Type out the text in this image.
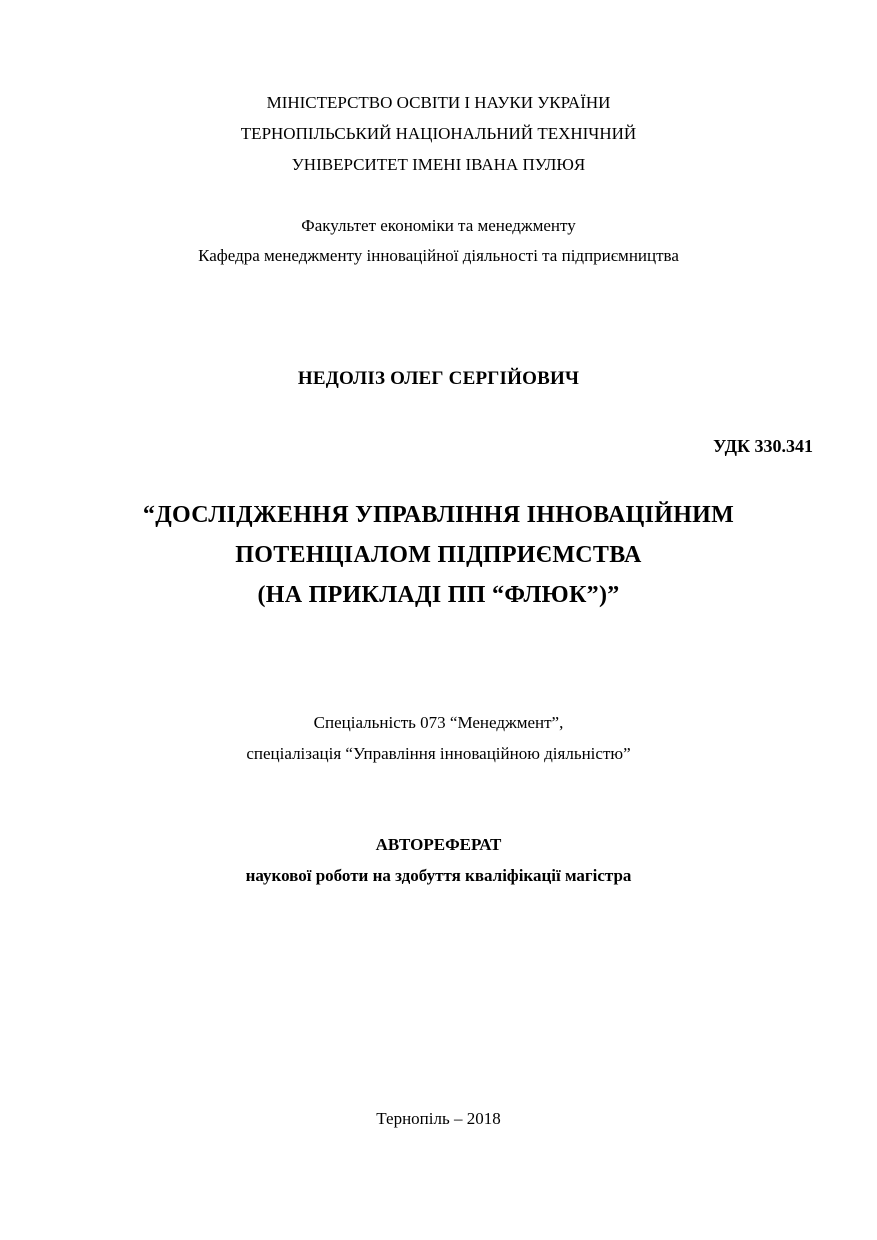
МІНІСТЕРСТВО ОСВІТИ І НАУКИ УКРАЇНИ
ТЕРНОПІЛЬСЬКИЙ НАЦІОНАЛЬНИЙ ТЕХНІЧНИЙ
УНІВЕРСИТЕТ ІМЕНІ ІВАНА ПУЛЮЯ
Факультет економіки та менеджменту
Кафедра менеджменту інноваційної діяльності та підприємництва
НЕДОЛІЗ ОЛЕГ СЕРГІЙОВИЧ
УДК 330.341
“ДОСЛІДЖЕННЯ УПРАВЛІННЯ ІННОВАЦІЙНИМ
ПОТЕНЦІАЛОМ ПІДПРИЄМСТВА
(НА ПРИКЛАДІ ПП “ФЛЮК”)”
Спеціальність 073 “Менеджмент”,
спеціалізація “Управління інноваційною діяльністю”
АВТОРЕФЕРАТ
наукової роботи на здобуття кваліфікації магістра
Тернопіль – 2018
